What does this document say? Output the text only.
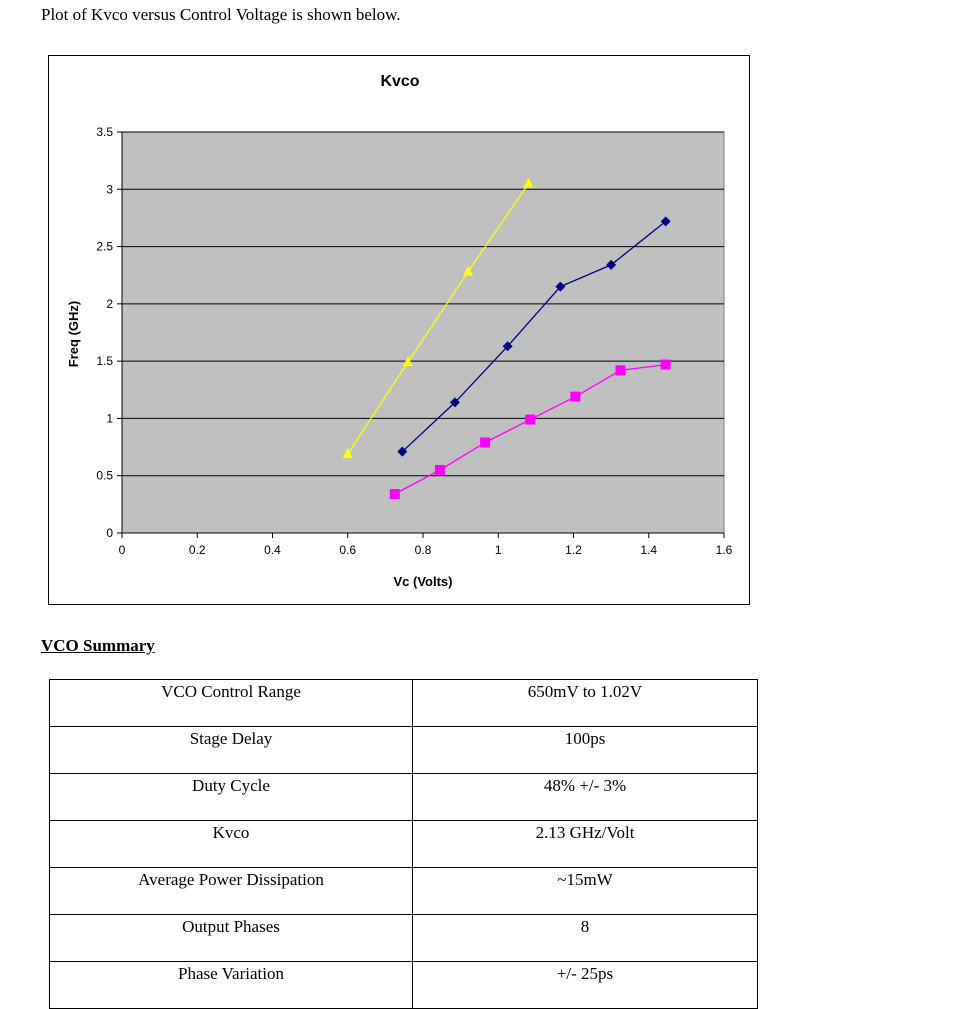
Plot of Kvco versus Control Voltage is shown below.
Kvco
Vc (Volts)
Freq (GHz)
0
0.5
1
1.5
2
2.5
3
3.5
0	0.2	0.4	0.6	0.8	1	1.2	1.4	1.6
VCO Summary
VCO Control Range	650mV to 1.02V
Stage Delay	100ps
Duty Cycle	48% +/- 3%
Kvco	2.13 GHz/Volt
Average Power Dissipation	~15mW
Output Phases	8
Phase Variation	+/- 25ps
